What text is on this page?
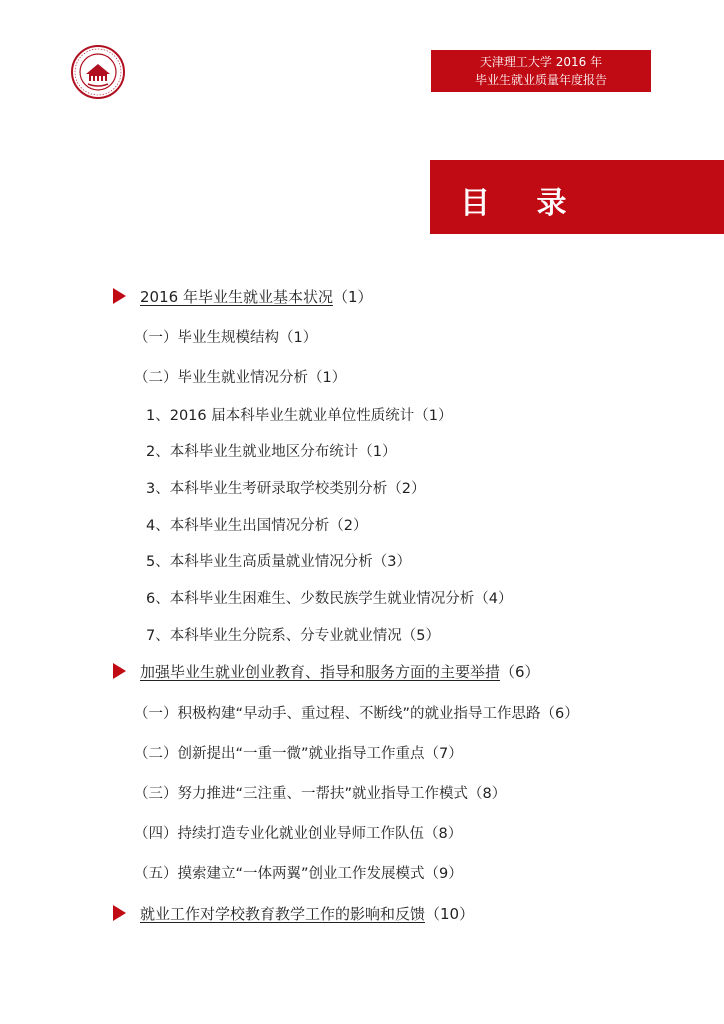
天津理工大学 2016 年
毕业生就业质量年度报告
目 录
2016 年毕业生就业基本状况（1）
（一）毕业生规模结构（1）
（二）毕业生就业情况分析（1）
1、2016 届本科毕业生就业单位性质统计（1）
2、本科毕业生就业地区分布统计（1）
3、本科毕业生考研录取学校类别分析（2）
4、本科毕业生出国情况分析（2）
5、本科毕业生高质量就业情况分析（3）
6、本科毕业生困难生、少数民族学生就业情况分析（4）
7、本科毕业生分院系、分专业就业情况（5）
加强毕业生就业创业教育、指导和服务方面的主要举措（6）
（一）积极构建“早动手、重过程、不断线”的就业指导工作思路（6）
（二）创新提出“一重一微”就业指导工作重点（7）
（三）努力推进“三注重、一帮扶”就业指导工作模式（8）
（四）持续打造专业化就业创业导师工作队伍（8）
（五）摸索建立“一体两翼”创业工作发展模式（9）
就业工作对学校教育教学工作的影响和反馈（10）
